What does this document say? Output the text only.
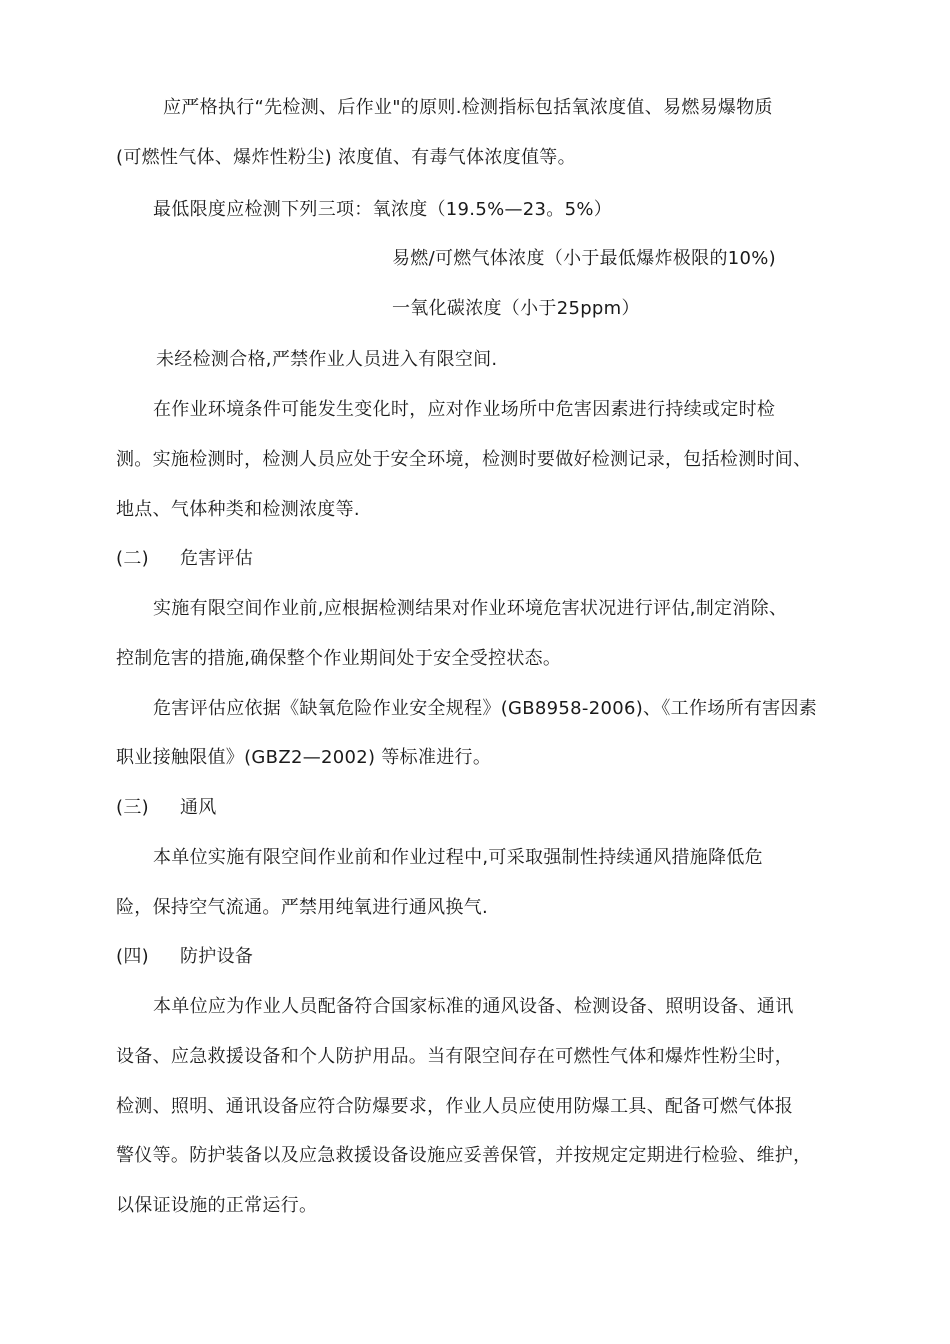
应严格执行“先检测、后作业"的原则.检测指标包括氧浓度值、易燃易爆物质
(可燃性气体、爆炸性粉尘) 浓度值、有毒气体浓度值等。
最低限度应检测下列三项：氧浓度（19.5%—23。5%）
易燃/可燃气体浓度（小于最低爆炸极限的10%)
一氧化碳浓度（小于25ppm）
未经检测合格,严禁作业人员进入有限空间.
在作业环境条件可能发生变化时，应对作业场所中危害因素进行持续或定时检
测。实施检测时，检测人员应处于安全环境，检测时要做好检测记录，包括检测时间、
地点、气体种类和检测浓度等.
(二) 危害评估
实施有限空间作业前,应根据检测结果对作业环境危害状况进行评估,制定消除、
控制危害的措施,确保整个作业期间处于安全受控状态。
危害评估应依据《缺氧危险作业安全规程》(GB8958-2006)、《工作场所有害因素
职业接触限值》(GBZ2—2002) 等标准进行。
(三) 通风
本单位实施有限空间作业前和作业过程中,可采取强制性持续通风措施降低危
险，保持空气流通。严禁用纯氧进行通风换气.
(四) 防护设备
本单位应为作业人员配备符合国家标准的通风设备、检测设备、照明设备、通讯
设备、应急救援设备和个人防护用品。当有限空间存在可燃性气体和爆炸性粉尘时，
检测、照明、通讯设备应符合防爆要求，作业人员应使用防爆工具、配备可燃气体报
警仪等。防护装备以及应急救援设备设施应妥善保管，并按规定定期进行检验、维护，
以保证设施的正常运行。
